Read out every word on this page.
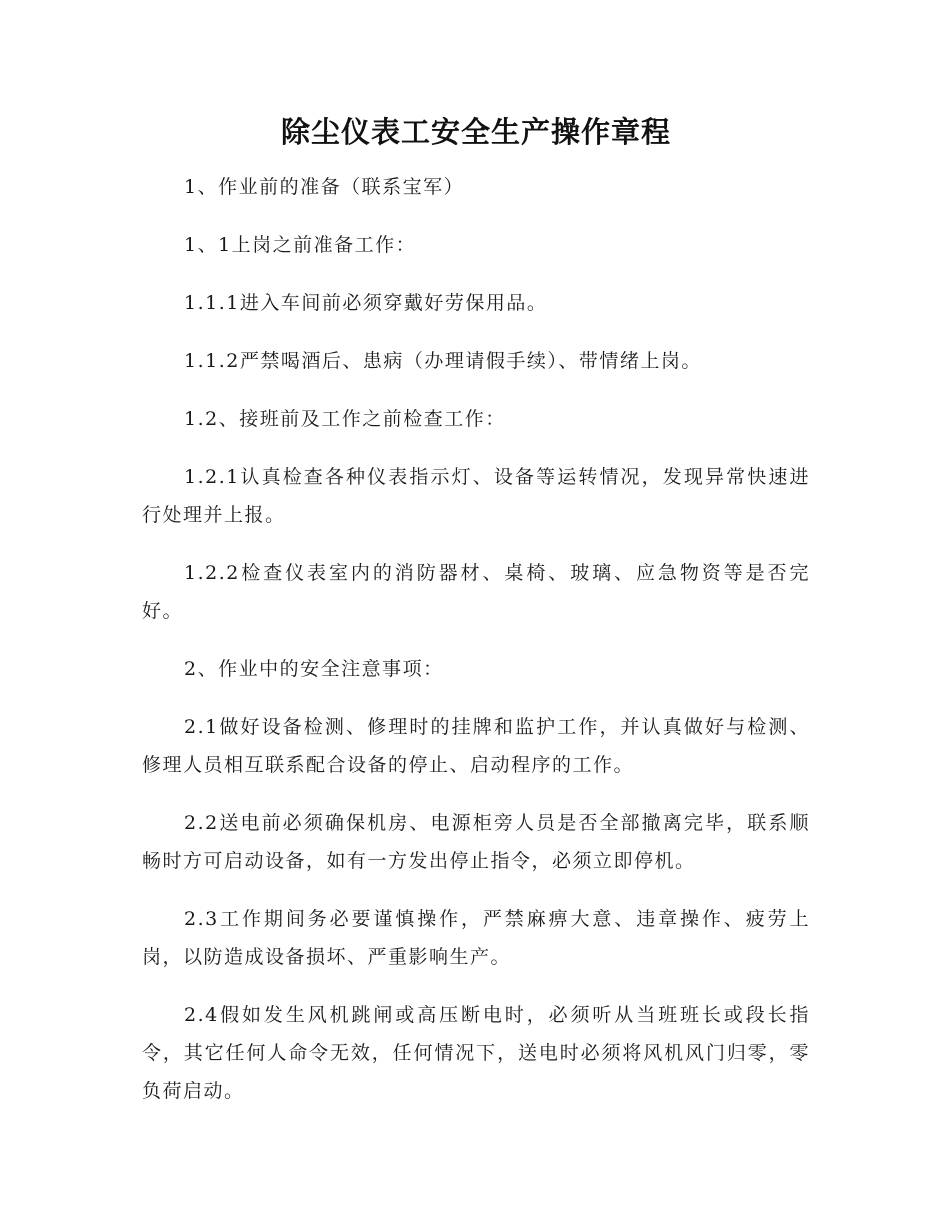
除尘仪表工安全生产操作章程

1、作业前的准备（联系宝军）

1、1上岗之前准备工作：

1.1.1进入车间前必须穿戴好劳保用品。

1.1.2严禁喝酒后、患病（办理请假手续）、带情绪上岗。

1.2、接班前及工作之前检查工作：

1.2.1认真检查各种仪表指示灯、设备等运转情况，发现异常快速进行处理并上报。

1.2.2检查仪表室内的消防器材、桌椅、玻璃、应急物资等是否完好。

2、作业中的安全注意事项：

2.1做好设备检测、修理时的挂牌和监护工作，并认真做好与检测、修理人员相互联系配合设备的停止、启动程序的工作。

2.2送电前必须确保机房、电源柜旁人员是否全部撤离完毕，联系顺畅时方可启动设备，如有一方发出停止指令，必须立即停机。

2.3工作期间务必要谨慎操作，严禁麻痹大意、违章操作、疲劳上岗，以防造成设备损坏、严重影响生产。

2.4假如发生风机跳闸或高压断电时，必须听从当班班长或段长指令，其它任何人命令无效，任何情况下，送电时必须将风机风门归零，零负荷启动。
